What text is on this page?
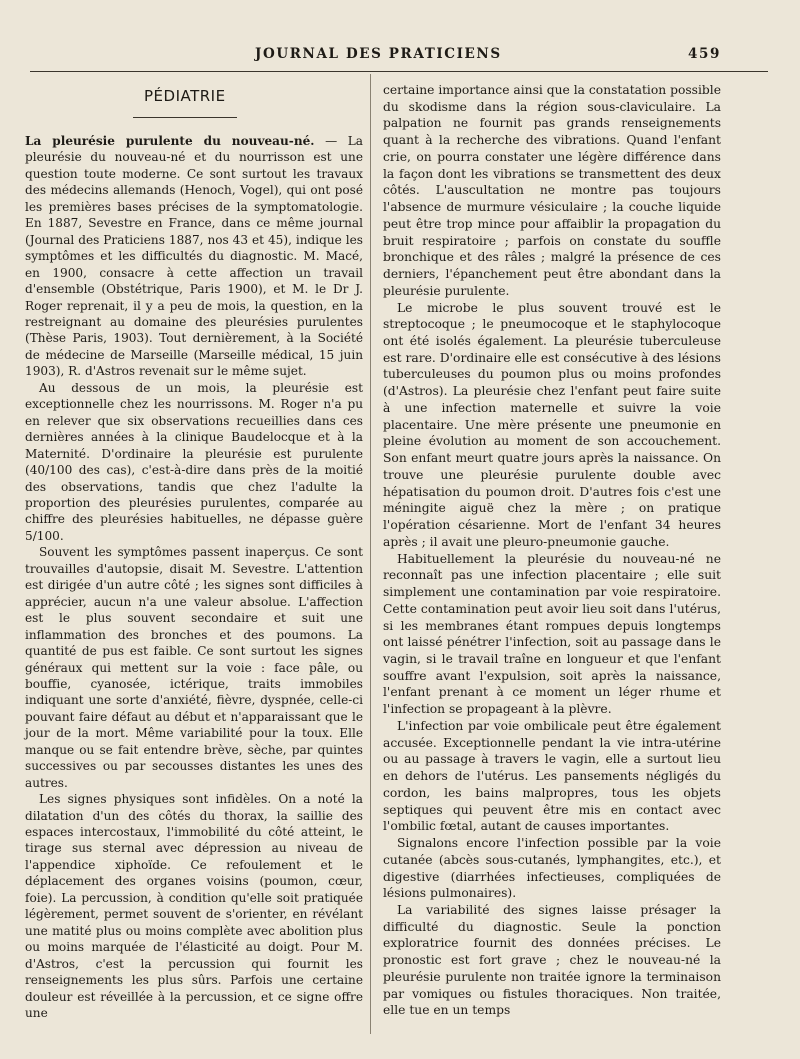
JOURNAL DES PRATICIENS	459
PÉDIATRIE

La pleurésie purulente du nouveau-né. — La pleurésie du nouveau-né et du nourrisson est une question toute moderne. Ce sont surtout les travaux des médecins allemands (Henoch, Vogel), qui ont posé les premières bases précises de la symptomatologie. En 1887, Sevestre en France, dans ce même journal (Journal des Praticiens 1887, nos 43 et 45), indique les symptômes et les difficultés du diagnostic. M. Macé, en 1900, consacre à cette affection un travail d'ensemble (Obstétrique, Paris 1900), et M. le Dr J. Roger reprenait, il y a peu de mois, la question, en la restreignant au domaine des pleurésies purulentes (Thèse Paris, 1903). Tout dernièrement, à la Société de médecine de Marseille (Marseille médical, 15 juin 1903), R. d'Astros revenait sur le même sujet.

Au dessous de un mois, la pleurésie est exceptionnelle chez les nourrissons. M. Roger n'a pu en relever que six observations recueillies dans ces dernières années à la clinique Baudelocque et à la Maternité. D'ordinaire la pleurésie est purulente (40/100 des cas), c'est-à-dire dans près de la moitié des observations, tandis que chez l'adulte la proportion des pleurésies purulentes, comparée au chiffre des pleurésies habituelles, ne dépasse guère 5/100.

Souvent les symptômes passent inaperçus. Ce sont trouvailles d'autopsie, disait M. Sevestre. L'attention est dirigée d'un autre côté ; les signes sont difficiles à apprécier, aucun n'a une valeur absolue. L'affection est le plus souvent secondaire et suit une inflammation des bronches et des poumons. La quantité de pus est faible. Ce sont surtout les signes généraux qui mettent sur la voie : face pâle, ou bouffie, cyanosée, ictérique, traits immobiles indiquant une sorte d'anxiété, fièvre, dyspnée, celle-ci pouvant faire défaut au début et n'apparaissant que le jour de la mort. Même variabilité pour la toux. Elle manque ou se fait entendre brève, sèche, par quintes successives ou par secousses distantes les unes des autres.

Les signes physiques sont infidèles. On a noté la dilatation d'un des côtés du thorax, la saillie des espaces intercostaux, l'immobilité du côté atteint, le tirage sus sternal avec dépression au niveau de l'appendice xiphoïde. Ce refoulement et le déplacement des organes voisins (poumon, cœur, foie). La percussion, à condition qu'elle soit pratiquée légèrement, permet souvent de s'orienter, en révélant une matité plus ou moins complète avec abolition plus ou moins marquée de l'élasticité au doigt. Pour M. d'Astros, c'est la percussion qui fournit les renseignements les plus sûrs. Parfois une certaine douleur est réveillée à la percussion, et ce signe offre une

certaine importance ainsi que la constatation possible du skodisme dans la région sous-claviculaire. La palpation ne fournit pas grands renseignements quant à la recherche des vibrations. Quand l'enfant crie, on pourra constater une légère différence dans la façon dont les vibrations se transmettent des deux côtés. L'auscultation ne montre pas toujours l'absence de murmure vésiculaire ; la couche liquide peut être trop mince pour affaiblir la propagation du bruit respiratoire ; parfois on constate du souffle bronchique et des râles ; malgré la présence de ces derniers, l'épanchement peut être abondant dans la pleurésie purulente.

Le microbe le plus souvent trouvé est le streptocoque ; le pneumocoque et le staphylocoque ont été isolés également. La pleurésie tuberculeuse est rare. D'ordinaire elle est consécutive à des lésions tuberculeuses du poumon plus ou moins profondes (d'Astros). La pleurésie chez l'enfant peut faire suite à une infection maternelle et suivre la voie placentaire. Une mère présente une pneumonie en pleine évolution au moment de son accouchement. Son enfant meurt quatre jours après la naissance. On trouve une pleurésie purulente double avec hépatisation du poumon droit. D'autres fois c'est une méningite aiguë chez la mère ; on pratique l'opération césarienne. Mort de l'enfant 34 heures après ; il avait une pleuro-pneumonie gauche.

Habituellement la pleurésie du nouveau-né ne reconnaît pas une infection placentaire ; elle suit simplement une contamination par voie respiratoire. Cette contamination peut avoir lieu soit dans l'utérus, si les membranes étant rompues depuis longtemps ont laissé pénétrer l'infection, soit au passage dans le vagin, si le travail traîne en longueur et que l'enfant souffre avant l'expulsion, soit après la naissance, l'enfant prenant à ce moment un léger rhume et l'infection se propageant à la plèvre.

L'infection par voie ombilicale peut être également accusée. Exceptionnelle pendant la vie intra-utérine ou au passage à travers le vagin, elle a surtout lieu en dehors de l'utérus. Les pansements négligés du cordon, les bains malpropres, tous les objets septiques qui peuvent être mis en contact avec l'ombilic fœtal, autant de causes importantes.

Signalons encore l'infection possible par la voie cutanée (abcès sous-cutanés, lymphangites, etc.), et digestive (diarrhées infectieuses, compliquées de lésions pulmonaires).

La variabilité des signes laisse présager la difficulté du diagnostic. Seule la ponction exploratrice fournit des données précises. Le pronostic est fort grave ; chez le nouveau-né la pleurésie purulente non traitée ignore la terminaison par vomiques ou fistules thoraciques. Non traitée, elle tue en un temps
